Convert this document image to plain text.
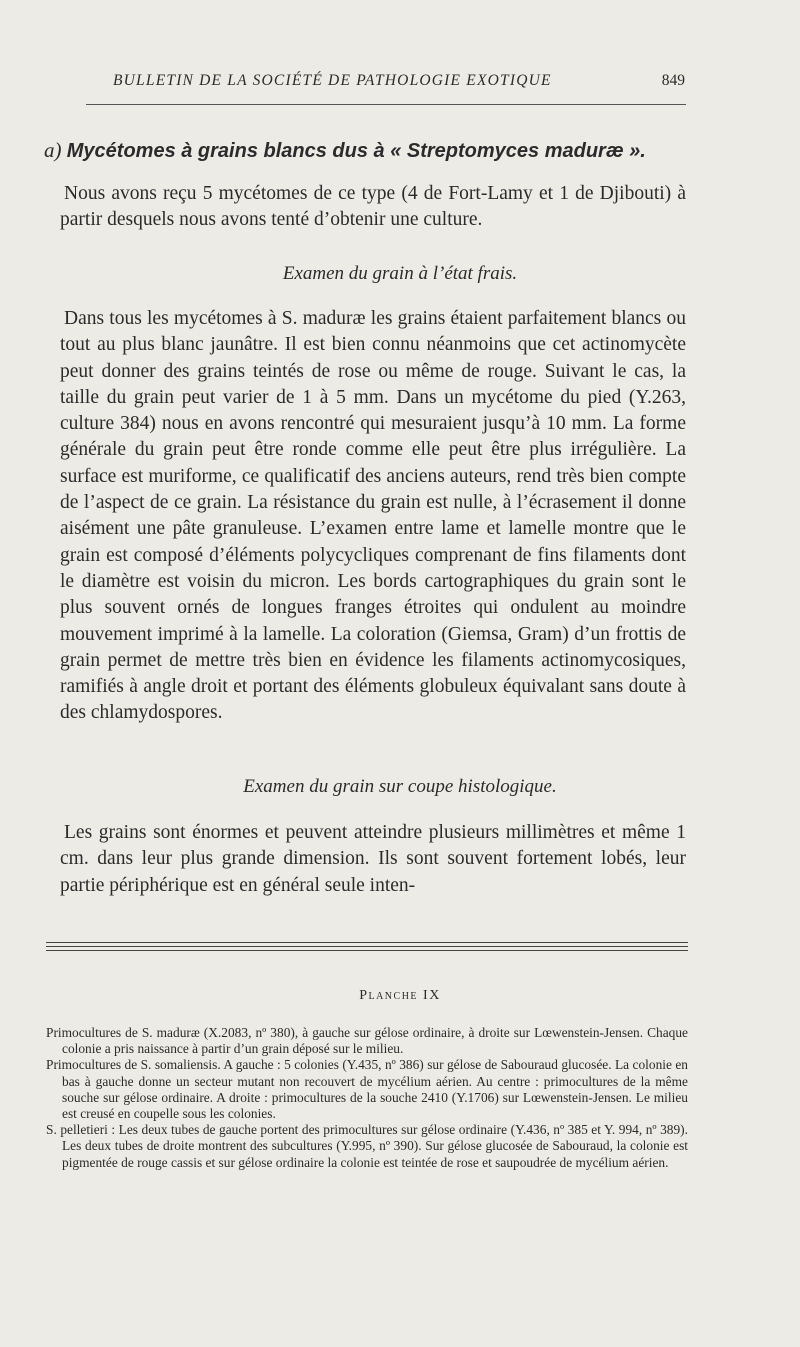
BULLETIN DE LA SOCIÉTÉ DE PATHOLOGIE EXOTIQUE	849
a) Mycétomes à grains blancs dus à « Streptomyces maduræ ».

Nous avons reçu 5 mycétomes de ce type (4 de Fort-Lamy et 1 de Djibouti) à partir desquels nous avons tenté d’obtenir une culture.

Examen du grain à l’état frais.

Dans tous les mycétomes à S. maduræ les grains étaient parfaitement blancs ou tout au plus blanc jaunâtre. Il est bien connu néanmoins que cet actinomycète peut donner des grains teintés de rose ou même de rouge. Suivant le cas, la taille du grain peut varier de 1 à 5 mm. Dans un mycétome du pied (Y.263, culture 384) nous en avons rencontré qui mesuraient jusqu’à 10 mm. La forme générale du grain peut être ronde comme elle peut être plus irrégulière. La surface est muriforme, ce qualificatif des anciens auteurs, rend très bien compte de l’aspect de ce grain. La résistance du grain est nulle, à l’écrasement il donne aisément une pâte granuleuse. L’examen entre lame et lamelle montre que le grain est composé d’éléments polycycliques comprenant de fins filaments dont le diamètre est voisin du micron. Les bords cartographiques du grain sont le plus souvent ornés de longues franges étroites qui ondulent au moindre mouvement imprimé à la lamelle. La coloration (Giemsa, Gram) d’un frottis de grain permet de mettre très bien en évidence les filaments actinomycosiques, ramifiés à angle droit et portant des éléments globuleux équivalant sans doute à des chlamydospores.

Examen du grain sur coupe histologique.

Les grains sont énormes et peuvent atteindre plusieurs millimètres et même 1 cm. dans leur plus grande dimension. Ils sont souvent fortement lobés, leur partie périphérique est en général seule inten-

Planche IX

Primocultures de S. maduræ (X.2083, nº 380), à gauche sur gélose ordinaire, à droite sur Lœwenstein-Jensen. Chaque colonie a pris naissance à partir d’un grain déposé sur le milieu.

Primocultures de S. somaliensis. A gauche : 5 colonies (Y.435, nº 386) sur gélose de Sabouraud glucosée. La colonie en bas à gauche donne un secteur mutant non recouvert de mycélium aérien. Au centre : primocultures de la même souche sur gélose ordinaire. A droite : primocultures de la souche 2410 (Y.1706) sur Lœwenstein-Jensen. Le milieu est creusé en coupelle sous les colonies.

S. pelletieri : Les deux tubes de gauche portent des primocultures sur gélose ordinaire (Y.436, nº 385 et Y. 994, nº 389). Les deux tubes de droite montrent des subcultures (Y.995, nº 390). Sur gélose glucosée de Sabouraud, la colonie est pigmentée de rouge cassis et sur gélose ordinaire la colonie est teintée de rose et saupoudrée de mycélium aérien.
